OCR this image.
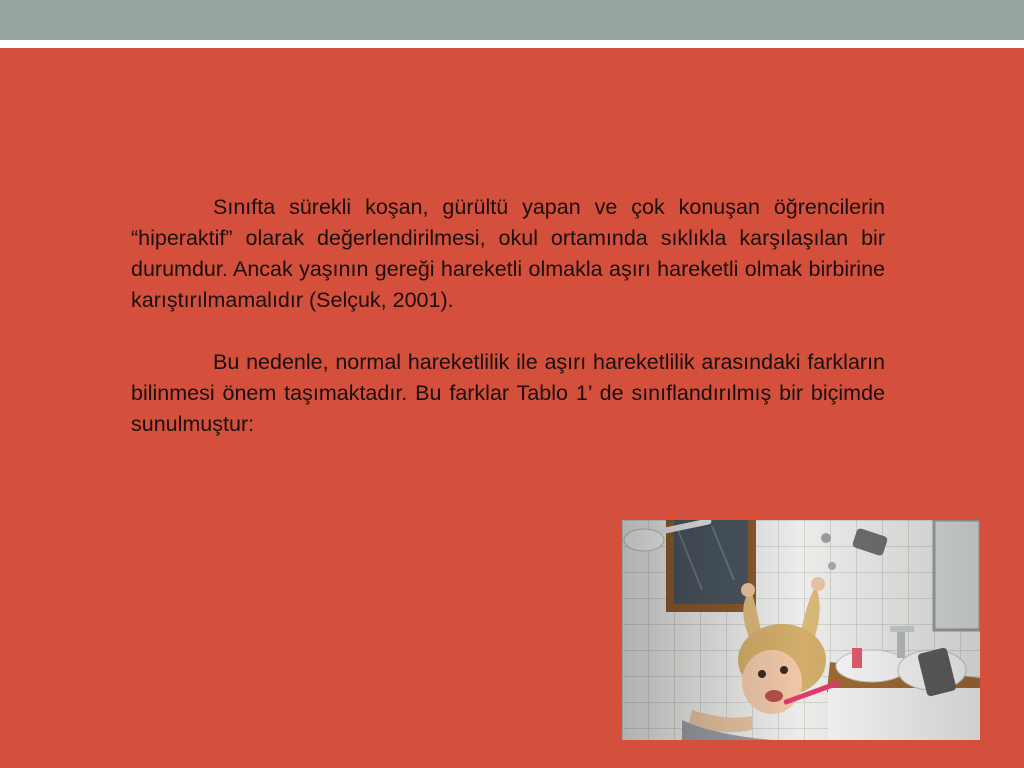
Sınıfta sürekli koşan, gürültü yapan ve çok konuşan öğrencilerin “hiperaktif” olarak değerlendirilmesi, okul ortamında sıklıkla karşılaşılan bir durumdur. Ancak yaşının gereği hareketli olmakla aşırı hareketli olmak birbirine karıştırılmamalıdır (Selçuk, 2001).

Bu nedenle, normal hareketlilik ile aşırı hareketlilik arasındaki farkların bilinmesi önem taşımaktadır. Bu farklar Tablo 1’ de sınıflandırılmış bir biçimde sunulmuştur:
